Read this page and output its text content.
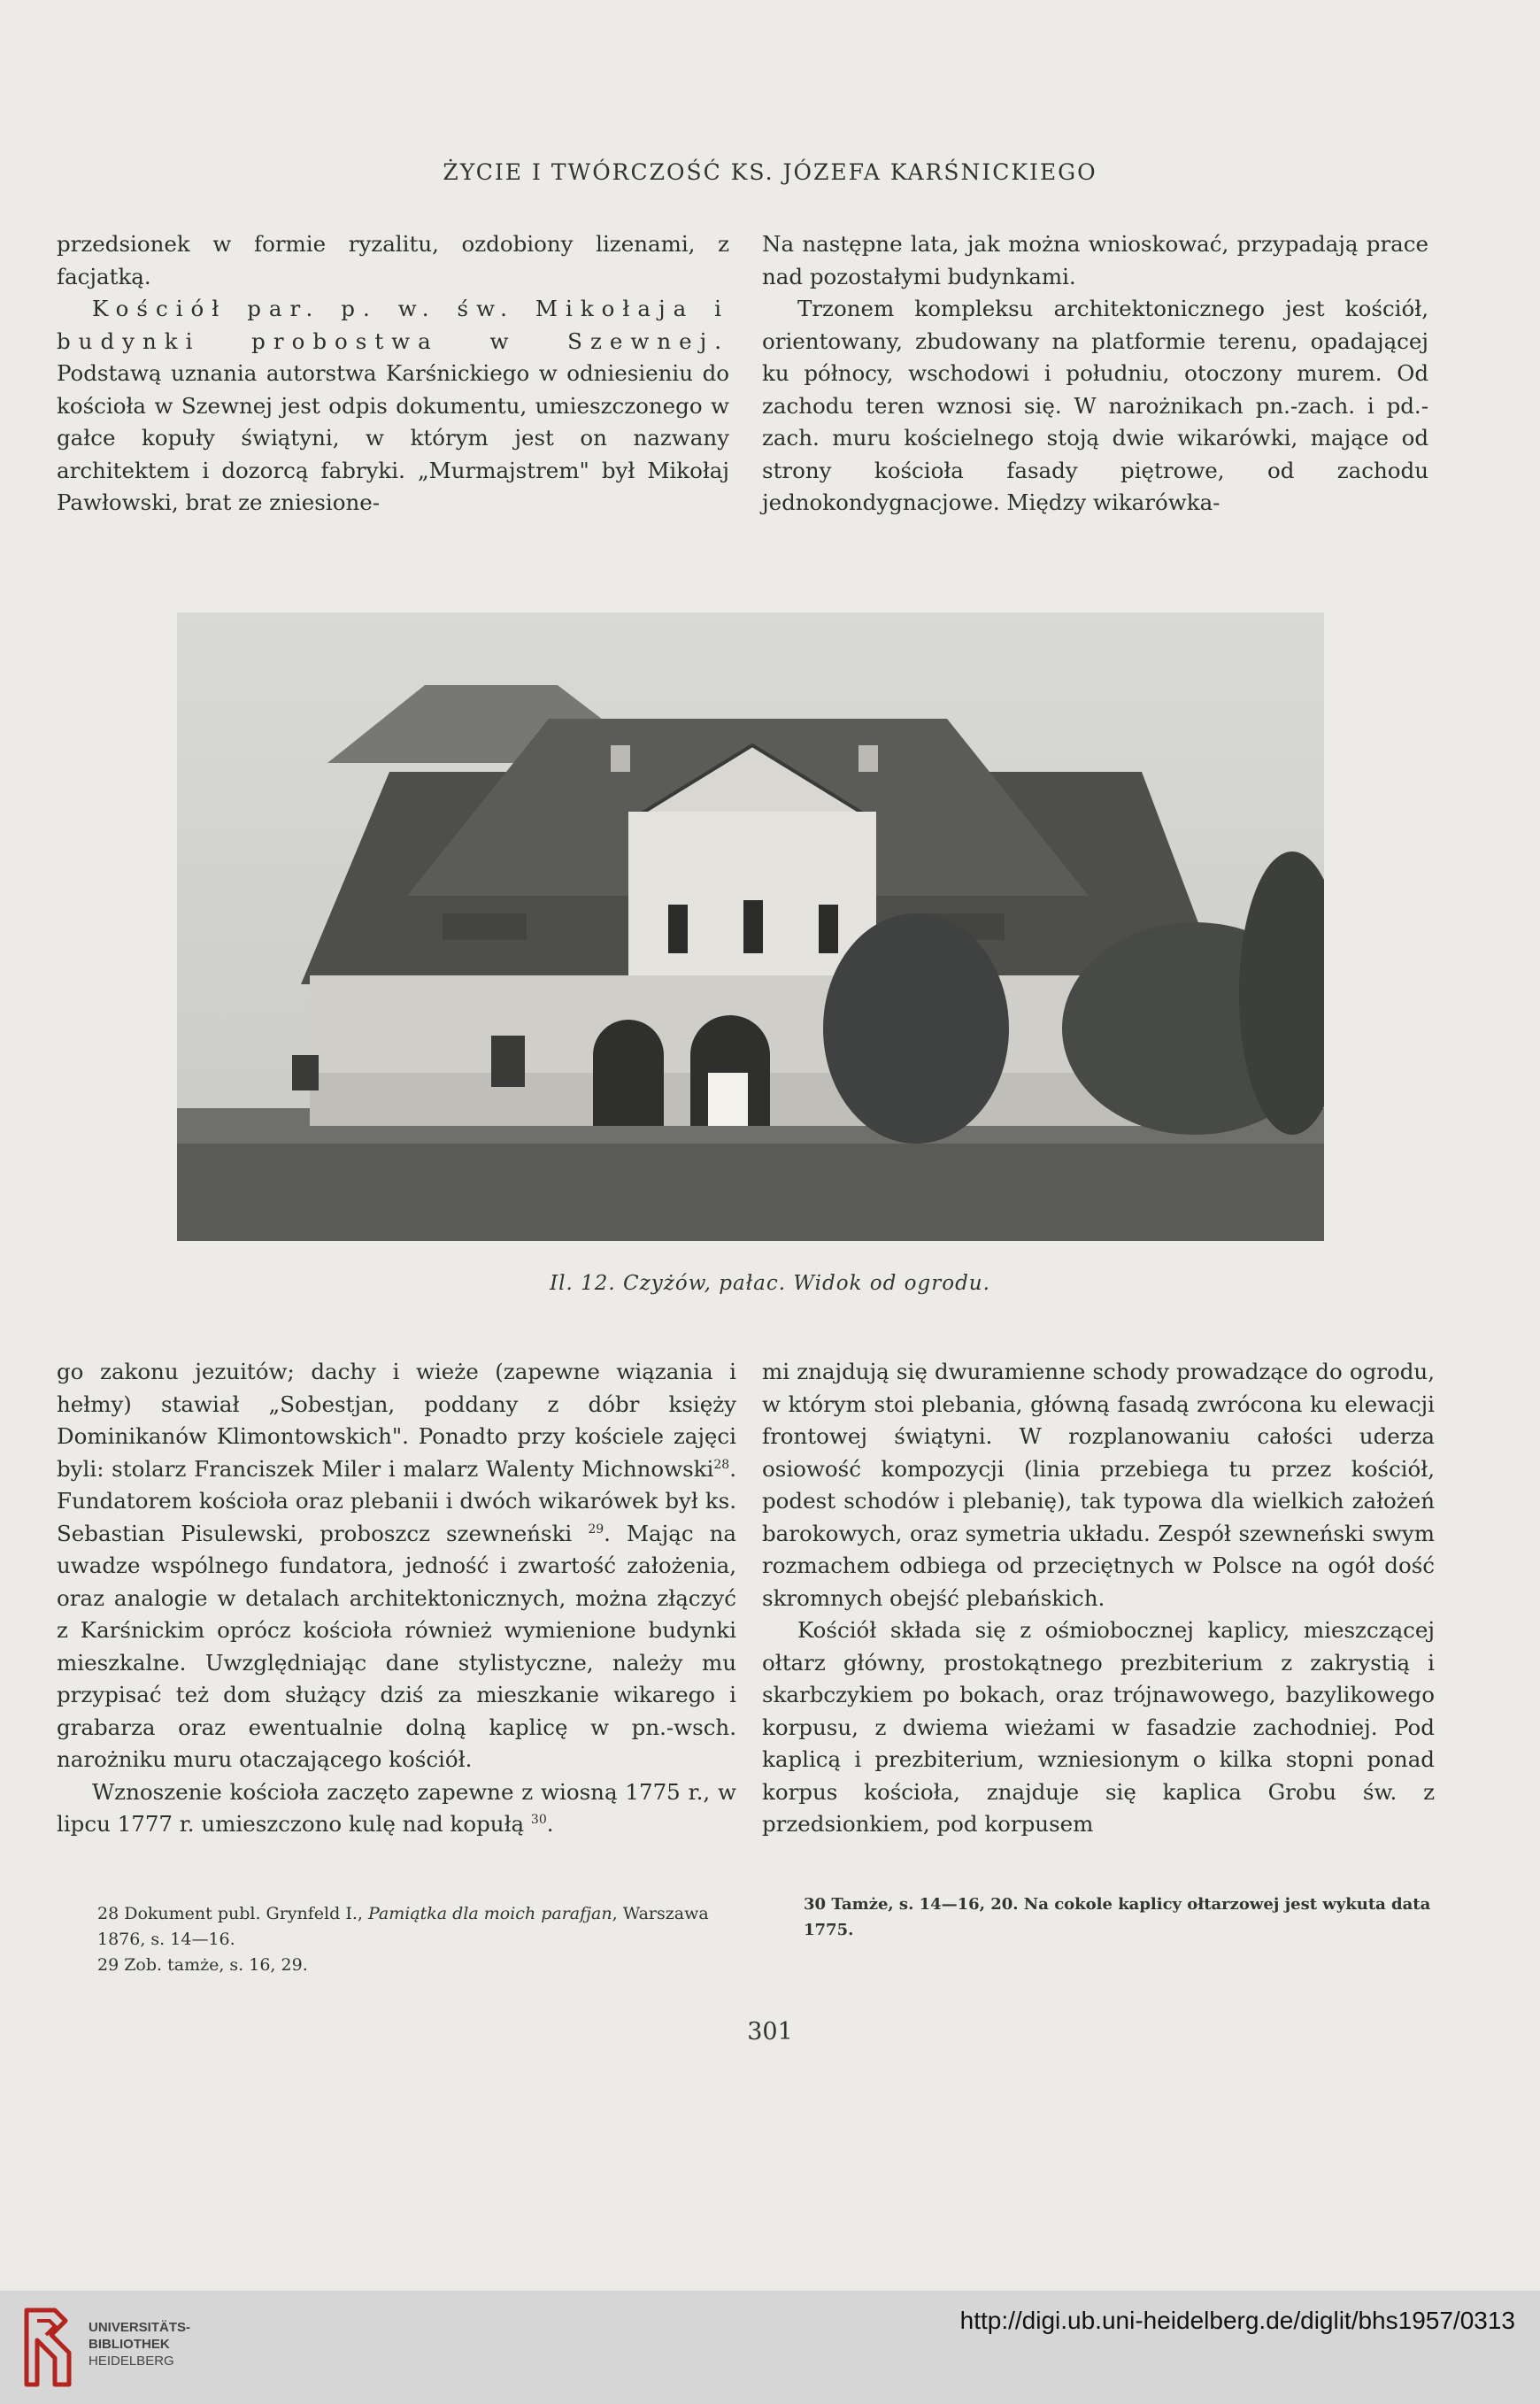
ŻYCIE I TWÓRCZOŚĆ KS. JÓZEFA KARŚNICKIEGO

przedsionek w formie ryzalitu, ozdobiony lizenami, z facjatką.

Kościół par. p. w. św. Mikołaja i budynki probostwa w Szewnej. Podstawą uznania autorstwa Karśnickiego w odniesieniu do kościoła w Szewnej jest odpis dokumentu, umieszczonego w gałce kopuły świątyni, w którym jest on nazwany architektem i dozorcą fabryki. „Murmajstrem" był Mikołaj Pawłowski, brat ze zniesione-

Na następne lata, jak można wnioskować, przypadają prace nad pozostałymi budynkami.

Trzonem kompleksu architektonicznego jest kościół, orientowany, zbudowany na platformie terenu, opadającej ku północy, wschodowi i południu, otoczony murem. Od zachodu teren wznosi się. W narożnikach pn.-zach. i pd.-zach. muru kościelnego stoją dwie wikarówki, mające od strony kościoła fasady piętrowe, od zachodu jednokondygnacjowe. Między wikarówka-

Il. 12. Czyżów, pałac. Widok od ogrodu.

go zakonu jezuitów; dachy i wieże (zapewne wiązania i hełmy) stawiał „Sobestjan, poddany z dóbr księży Dominikanów Klimontowskich". Ponadto przy kościele zajęci byli: stolarz Franciszek Miler i malarz Walenty Michnowski$^{28}$. Fundatorem kościoła oraz plebanii i dwóch wikarówek był ks. Sebastian Pisulewski, proboszcz szewneński $^{29}$. Mając na uwadze wspólnego fundatora, jedność i zwartość założenia, oraz analogie w detalach architektonicznych, można złączyć z Karśnickim oprócz kościoła również wymienione budynki mieszkalne. Uwzględniając dane stylistyczne, należy mu przypisać też dom służący dziś za mieszkanie wikarego i grabarza oraz ewentualnie dolną kaplicę w pn.-wsch. narożniku muru otaczającego kościół.

Wznoszenie kościoła zaczęto zapewne z wiosną 1775 r., w lipcu 1777 r. umieszczono kulę nad kopułą $^{30}$.

mi znajdują się dwuramienne schody prowadzące do ogrodu, w którym stoi plebania, główną fasadą zwrócona ku elewacji frontowej świątyni. W rozplanowaniu całości uderza osiowość kompozycji (linia przebiega tu przez kościół, podest schodów i plebanię), tak typowa dla wielkich założeń barokowych, oraz symetria układu. Zespół szewneński swym rozmachem odbiega od przeciętnych w Polsce na ogół dość skromnych obejść plebańskich.

Kościół składa się z ośmiobocznej kaplicy, mieszczącej ołtarz główny, prostokątnego prezbiterium z zakrystią i skarbczykiem po bokach, oraz trójnawowego, bazylikowego korpusu, z dwiema wieżami w fasadzie zachodniej. Pod kaplicą i prezbiterium, wzniesionym o kilka stopni ponad korpus kościoła, znajduje się kaplica Grobu św. z przedsionkiem, pod korpusem

28 Dokument publ. Grynfeld I., Pamiątka dla moich parafjan, Warszawa 1876, s. 14—16.

29 Zob. tamże, s. 16, 29.

30 Tamże, s. 14—16, 20. Na cokole kaplicy ołtarzowej jest wykuta data 1775.

301
UNIVERSITÄTS-
BIBLIOTHEK
HEIDELBERG
http://digi.ub.uni-heidelberg.de/diglit/bhs1957/0313
